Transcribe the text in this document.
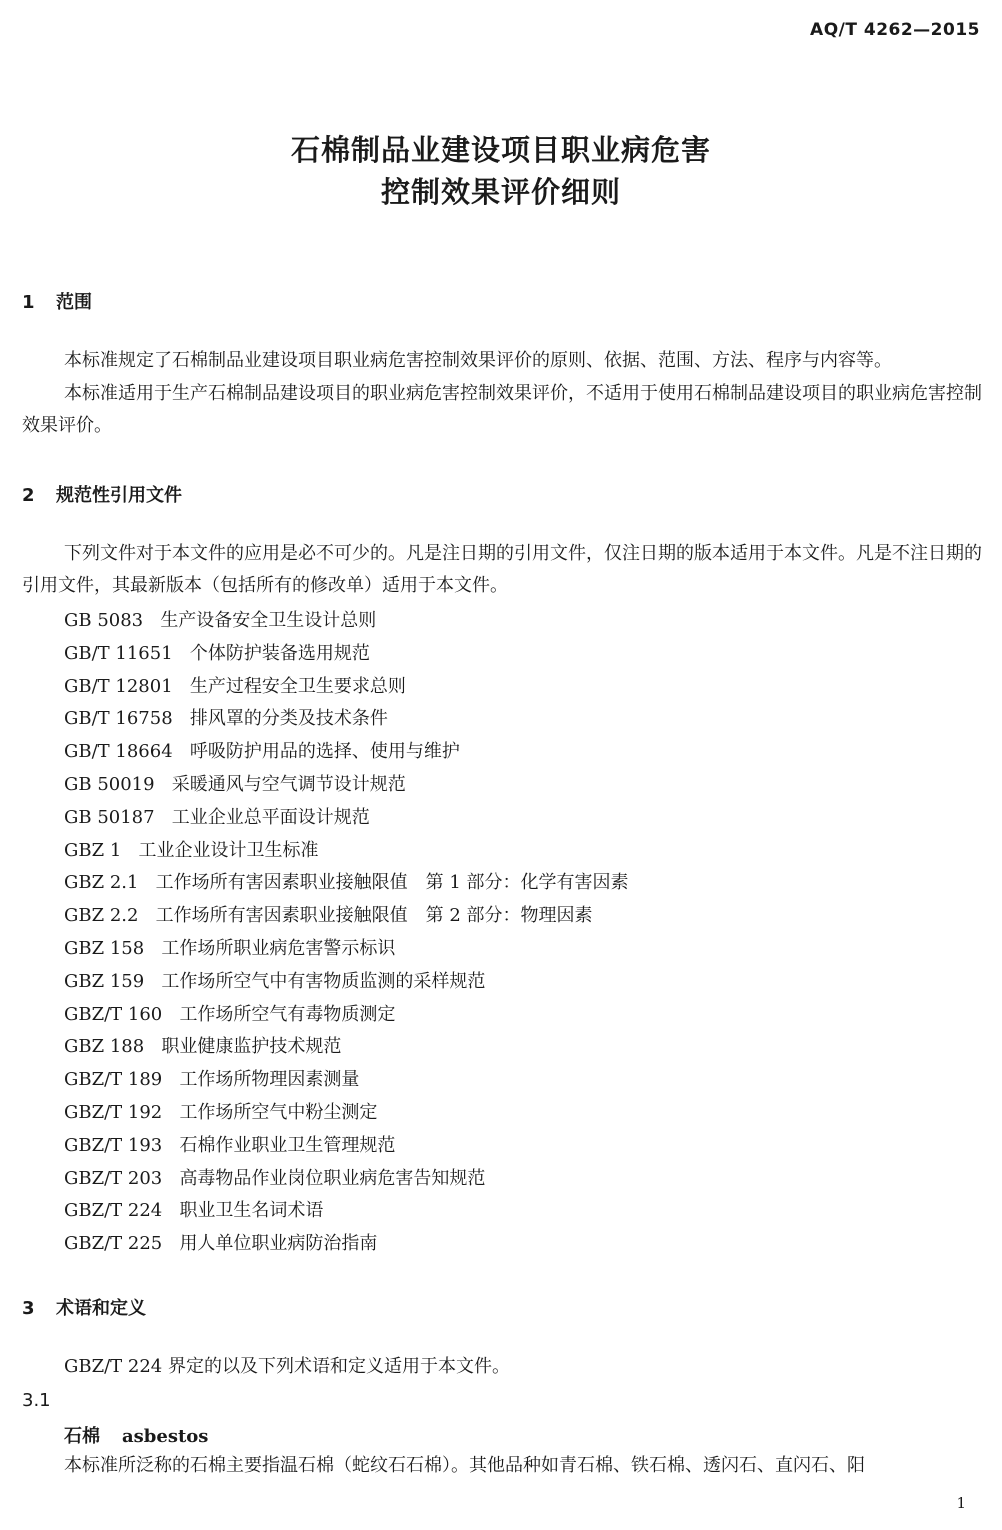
AQ/T 4262—2015
石棉制品业建设项目职业病危害
控制效果评价细则
1 范围
本标准规定了石棉制品业建设项目职业病危害控制效果评价的原则、依据、范围、方法、程序与内容等。
本标准适用于生产石棉制品建设项目的职业病危害控制效果评价，不适用于使用石棉制品建设项目的职业病危害控制效果评价。
2 规范性引用文件
下列文件对于本文件的应用是必不可少的。凡是注日期的引用文件，仅注日期的版本适用于本文件。凡是不注日期的引用文件，其最新版本（包括所有的修改单）适用于本文件。
GB 5083 生产设备安全卫生设计总则
GB/T 11651 个体防护装备选用规范
GB/T 12801 生产过程安全卫生要求总则
GB/T 16758 排风罩的分类及技术条件
GB/T 18664 呼吸防护用品的选择、使用与维护
GB 50019 采暖通风与空气调节设计规范
GB 50187 工业企业总平面设计规范
GBZ 1 工业企业设计卫生标准
GBZ 2.1 工作场所有害因素职业接触限值　第 1 部分：化学有害因素
GBZ 2.2 工作场所有害因素职业接触限值　第 2 部分：物理因素
GBZ 158 工作场所职业病危害警示标识
GBZ 159 工作场所空气中有害物质监测的采样规范
GBZ/T 160 工作场所空气有毒物质测定
GBZ 188 职业健康监护技术规范
GBZ/T 189 工作场所物理因素测量
GBZ/T 192 工作场所空气中粉尘测定
GBZ/T 193 石棉作业职业卫生管理规范
GBZ/T 203 高毒物品作业岗位职业病危害告知规范
GBZ/T 224 职业卫生名词术语
GBZ/T 225 用人单位职业病防治指南
3 术语和定义
GBZ/T 224 界定的以及下列术语和定义适用于本文件。
3.1
石棉 asbestos
本标准所泛称的石棉主要指温石棉（蛇纹石石棉）。其他品种如青石棉、铁石棉、透闪石、直闪石、阳
1
